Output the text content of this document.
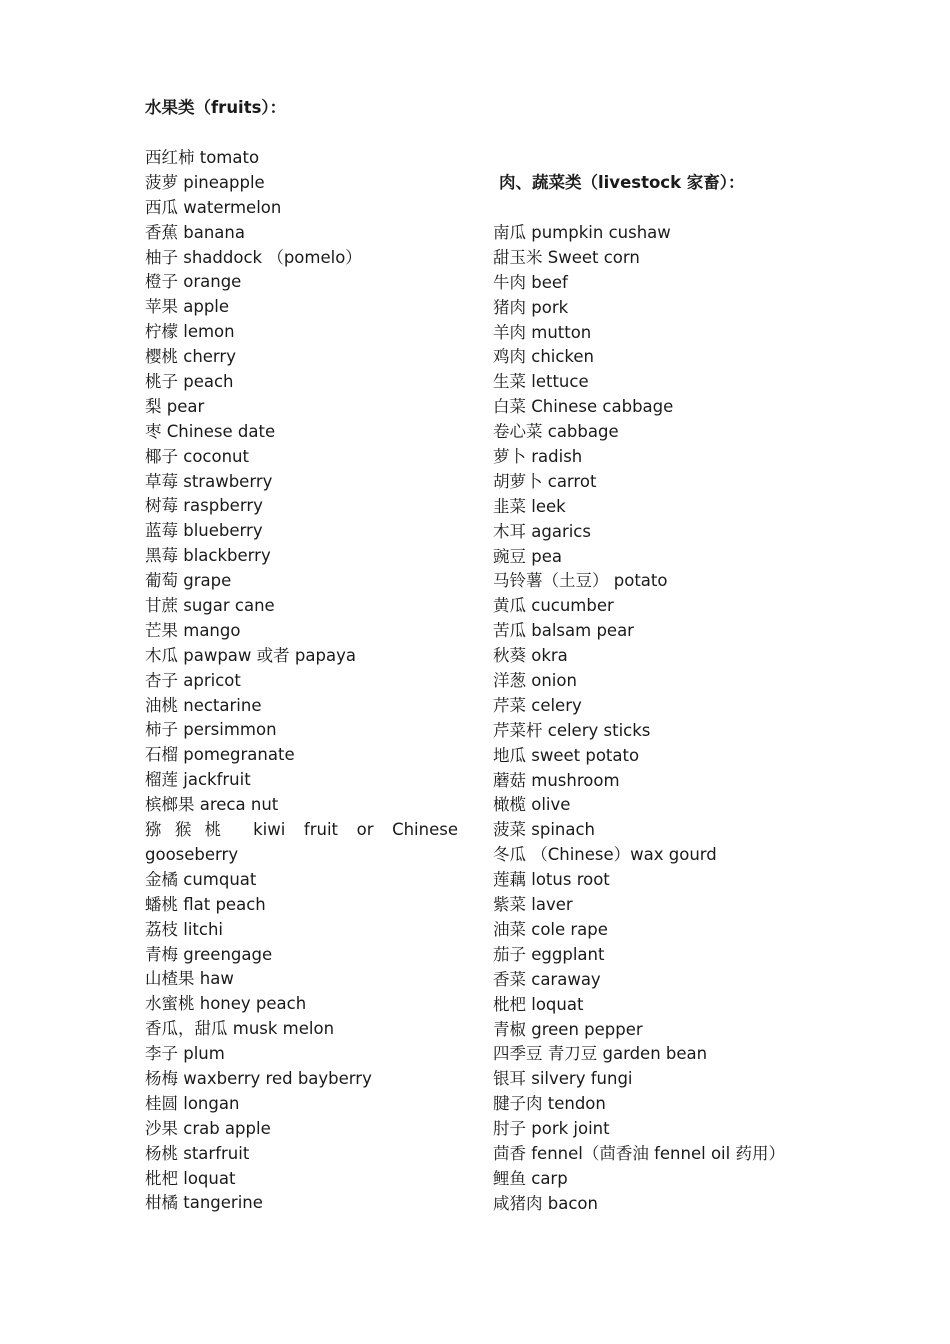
水果类（fruits）：
肉、蔬菜类（livestock 家畜）：
西红柿 tomato
菠萝 pineapple
西瓜 watermelon
香蕉 banana
柚子 shaddock （pomelo）
橙子 orange
苹果 apple
柠檬 lemon
樱桃 cherry
桃子 peach
梨 pear
枣 Chinese date
椰子 coconut
草莓 strawberry
树莓 raspberry
蓝莓 blueberry
黑莓 blackberry
葡萄 grape
甘蔗 sugar cane
芒果 mango
木瓜 pawpaw 或者 papaya
杏子 apricot
油桃 nectarine
柿子 persimmon
石榴 pomegranate
榴莲 jackfruit
槟榔果 areca nut
猕猴桃 kiwi fruit or Chinese gooseberry
金橘 cumquat
蟠桃 flat peach
荔枝 litchi
青梅 greengage
山楂果 haw
水蜜桃 honey peach
香瓜，甜瓜 musk melon
李子 plum
杨梅 waxberry red bayberry
桂圆 longan
沙果 crab apple
杨桃 starfruit
枇杷 loquat
柑橘 tangerine
南瓜 pumpkin cushaw
甜玉米 Sweet corn
牛肉 beef
猪肉 pork
羊肉 mutton
鸡肉 chicken
生菜 lettuce
白菜 Chinese cabbage
卷心菜 cabbage
萝卜 radish
胡萝卜 carrot
韭菜 leek
木耳 agarics
豌豆 pea
马铃薯（土豆） potato
黄瓜 cucumber
苦瓜 balsam pear
秋葵 okra
洋葱 onion
芹菜 celery
芹菜杆 celery sticks
地瓜 sweet potato
蘑菇 mushroom
橄榄 olive
菠菜 spinach
冬瓜 （Chinese）wax gourd
莲藕 lotus root
紫菜 laver
油菜 cole rape
茄子 eggplant
香菜 caraway
枇杷 loquat
青椒 green pepper
四季豆 青刀豆 garden bean
银耳 silvery fungi
腱子肉 tendon
肘子 pork joint
茴香 fennel（茴香油 fennel oil 药用）
鲤鱼 carp
咸猪肉 bacon
